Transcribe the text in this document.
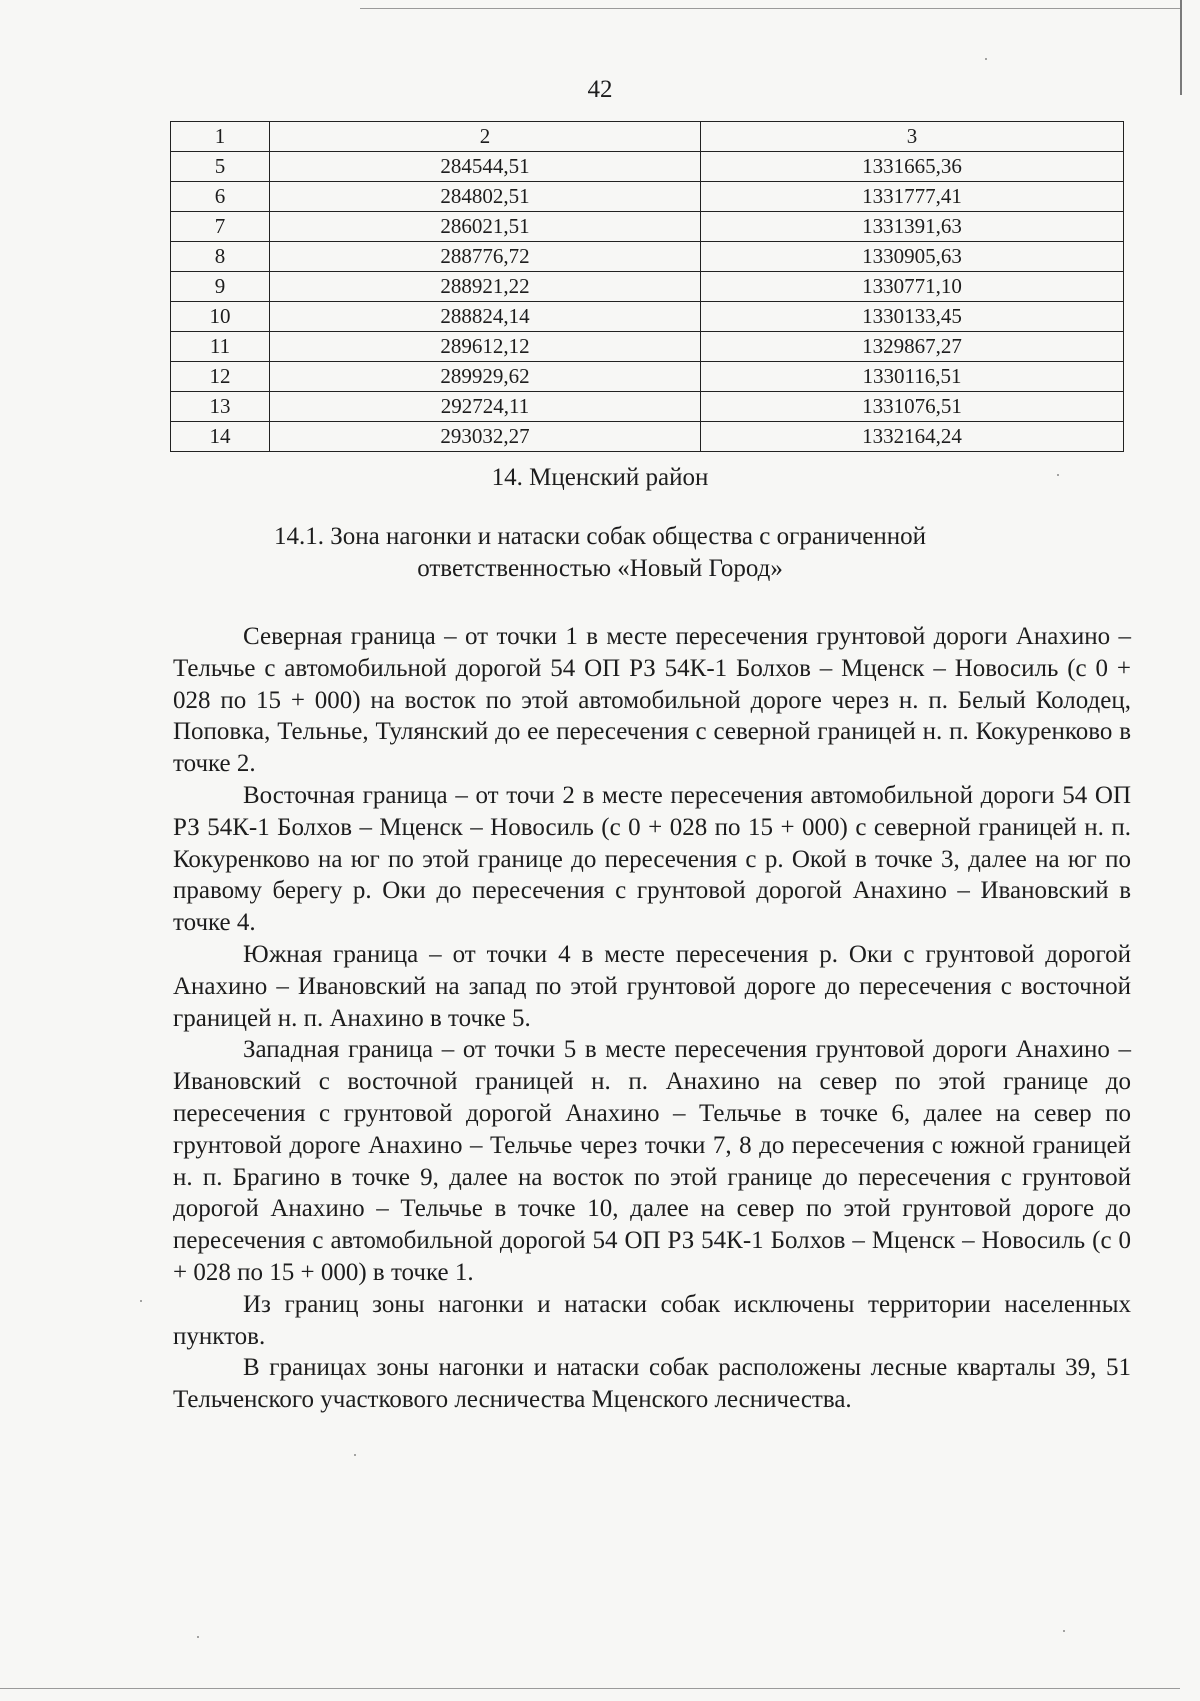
42
1	2	3
5	284544,51	1331665,36
6	284802,51	1331777,41
7	286021,51	1331391,63
8	288776,72	1330905,63
9	288921,22	1330771,10
10	288824,14	1330133,45
11	289612,12	1329867,27
12	289929,62	1330116,51
13	292724,11	1331076,51
14	293032,27	1332164,24
14. Мценский район
14.1. Зона нагонки и натаски собак общества с ограниченной
ответственностью «Новый Город»

Северная граница – от точки 1 в месте пересечения грунтовой дороги Анахино – Тельчье с автомобильной дорогой 54 ОП РЗ 54К-1 Болхов – Мценск – Новосиль (с 0 + 028 по 15 + 000) на восток по этой автомобильной дороге через н. п. Белый Колодец, Поповка, Тельнье, Тулянский до ее пересечения с северной границей н. п. Кокуренково в точке 2.

Восточная граница – от точи 2 в месте пересечения автомобильной дороги 54 ОП РЗ 54К-1 Болхов – Мценск – Новосиль (с 0 + 028 по 15 + 000) с северной границей н. п. Кокуренково на юг по этой границе до пересечения с р. Окой в точке 3, далее на юг по правому берегу р. Оки до пересечения с грунтовой дорогой Анахино – Ивановский в точке 4.

Южная граница – от точки 4 в месте пересечения р. Оки с грунтовой дорогой Анахино – Ивановский на запад по этой грунтовой дороге до пересечения с восточной границей н. п. Анахино в точке 5.

Западная граница – от точки 5 в месте пересечения грунтовой дороги Анахино – Ивановский с восточной границей н. п. Анахино на север по этой границе до пересечения с грунтовой дорогой Анахино – Тельчье в точке 6, далее на север по грунтовой дороге Анахино – Тельчье через точки 7, 8 до пересечения с южной границей н. п. Брагино в точке 9, далее на восток по этой границе до пересечения с грунтовой дорогой Анахино – Тельчье в точке 10, далее на север по этой грунтовой дороге до пересечения с автомобильной дорогой 54 ОП РЗ 54К-1 Болхов – Мценск – Новосиль (с 0 + 028 по 15 + 000) в точке 1.

Из границ зоны нагонки и натаски собак исключены территории населенных пунктов.

В границах зоны нагонки и натаски собак расположены лесные кварталы 39, 51 Тельченского участкового лесничества Мценского лесничества.
